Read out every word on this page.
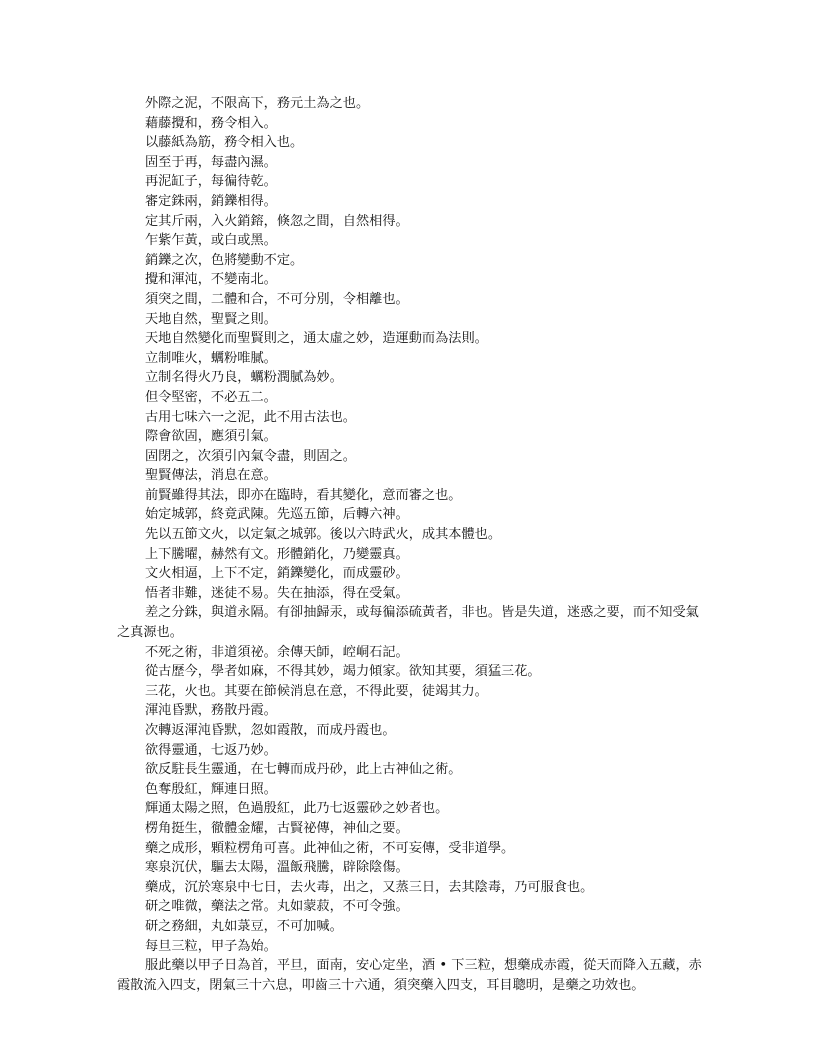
外際之泥，不限高下，務元土為之也。

藉藤攪和，務令相入。

以藤紙為筋，務令相入也。

固至于再，每盡內濕。

再泥缸子，每徧待乾。

審定銖兩，銷鑠相得。

定其斤兩，入火銷鎔，倏忽之間，自然相得。

乍紫乍黃，或白或黑。

銷鑠之次，色將變動不定。

攪和渾沌，不變南北。

須突之間，二體和合，不可分別，令相離也。

天地自然，聖賢之則。

天地自然變化而聖賢則之，通太虛之妙，造運動而為法則。

立制唯火，蠣粉唯膩。

立制名得火乃良，蠣粉潤膩為妙。

但令堅密，不必五二。

古用七味六一之泥，此不用古法也。

際會欲固，應須引氣。

固閉之，次須引內氣令盡，則固之。

聖賢傳法，消息在意。

前賢雖得其法，即亦在臨時，看其變化，意而審之也。

始定城郭，終竟武陳。先巡五節，后轉六神。

先以五節文火，以定氣之城郭。後以六時武火，成其本體也。

上下騰曜，赫然有文。形體銷化，乃變靈真。

文火相逼，上下不定，銷鑠變化，而成靈砂。

悟者非難，迷徒不易。失在抽添，得在受氣。

差之分銖，與道永隔。有卻抽歸汞，或每徧添硫黃者，非也。皆是失道，迷惑之要，而不知受氣之真源也。

不死之術，非道須祕。余傳天師，崆峒石記。

從古歷今，學者如麻，不得其妙，竭力傾家。欲知其要，須猛三花。

三花，火也。其要在節候消息在意，不得此要，徒竭其力。

渾沌昏默，務散丹霞。

次轉返渾沌昏默，忽如霞散，而成丹霞也。

欲得靈通，七返乃妙。

欲反駐長生靈通，在七轉而成丹砂，此上古神仙之術。

色奪殷紅，輝連日照。

輝通太陽之照，色過殷紅，此乃七返靈砂之妙者也。

楞角挺生，徹體金耀，古賢祕傳，神仙之要。

藥之成形，顆粒楞角可喜。此神仙之術，不可妄傳，受非道學。

寒泉沉伏，驅去太陽，溫飯飛騰，辟除陰傷。

藥成，沉於寒泉中七日，去火毒，出之，又蒸三日，去其陰毒，乃可服食也。

研之唯微，藥法之常。丸如蒙菽，不可令強。

研之務細，丸如菉豆，不可加喊。

每旦三粒，甲子為始。

服此藥以甲子日為首，平旦，面南，安心定坐，酒 • 下三粒，想藥成赤霞，從天而降入五藏，赤霞散流入四支，閉氣三十六息，叩齒三十六通，須突藥入四支，耳目聰明，是藥之功效也。
